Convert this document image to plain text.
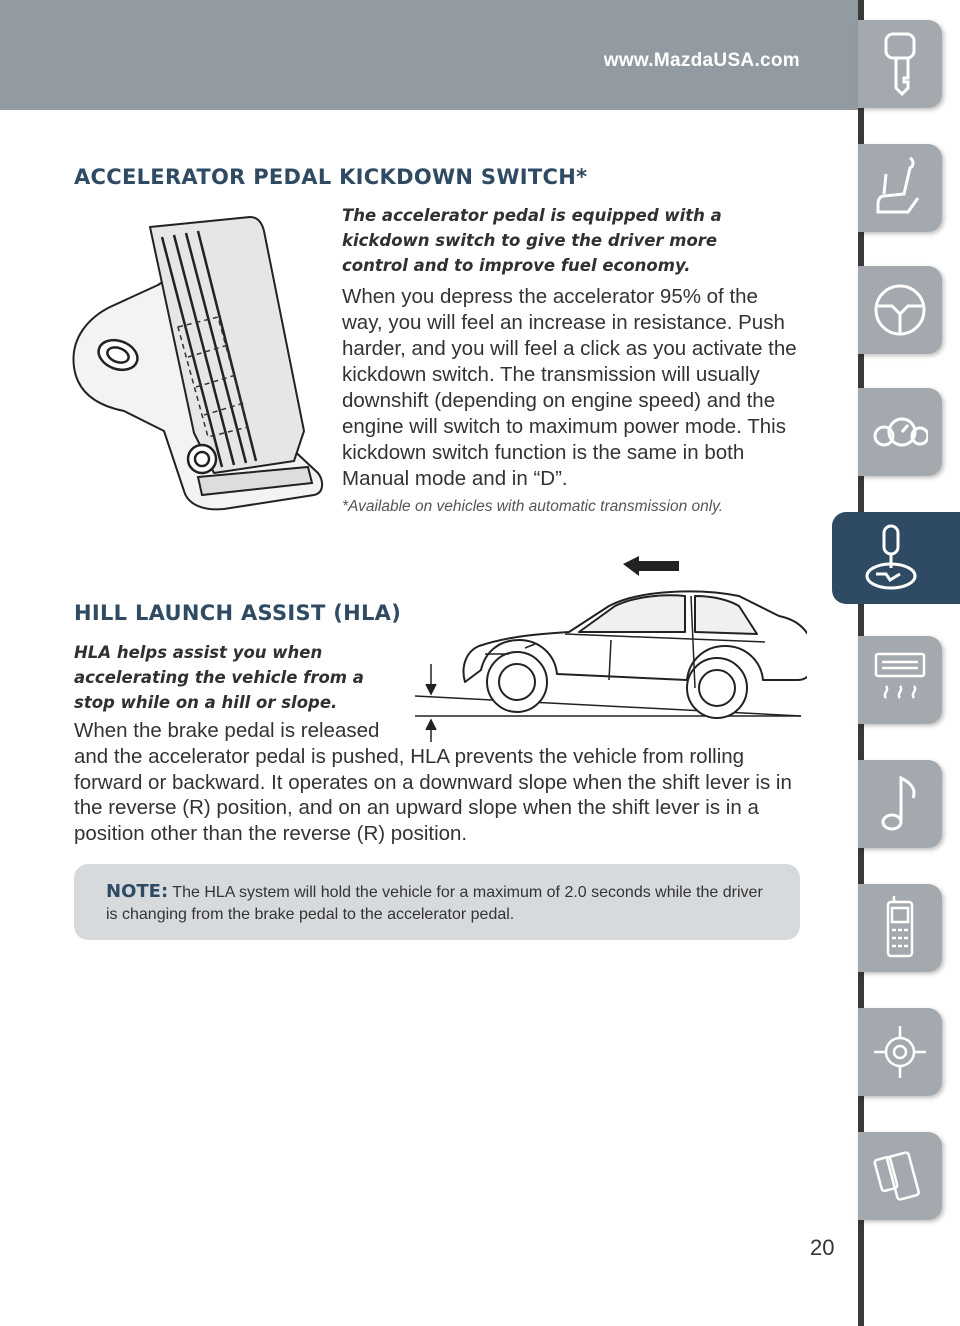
www.MazdaUSA.com
ACCELERATOR PEDAL KICKDOWN SWITCH*

The accelerator pedal is equipped with a kickdown switch to give the driver more control and to improve fuel economy.

When you depress the accelerator 95% of the way, you will feel an increase in resistance. Push harder, and you will feel a click as you activate the kickdown switch. The transmission will usually downshift (depending on engine speed) and the engine will switch to maximum power mode. This kickdown switch function is the same in both Manual mode and in “D”.

*Available on vehicles with automatic transmission only.

HILL LAUNCH ASSIST (HLA)

HLA helps assist you when accelerating the vehicle from a stop while on a hill or slope.

When the brake pedal is released

and the accelerator pedal is pushed, HLA prevents the vehicle from rolling forward or backward. It operates on a downward slope when the shift lever is in the reverse (R) position, and on an upward slope when the shift lever is in a position other than the reverse (R) position.

NOTE: The HLA system will hold the vehicle for a maximum of 2.0 seconds while the driver is changing from the brake pedal to the accelerator pedal.

20
